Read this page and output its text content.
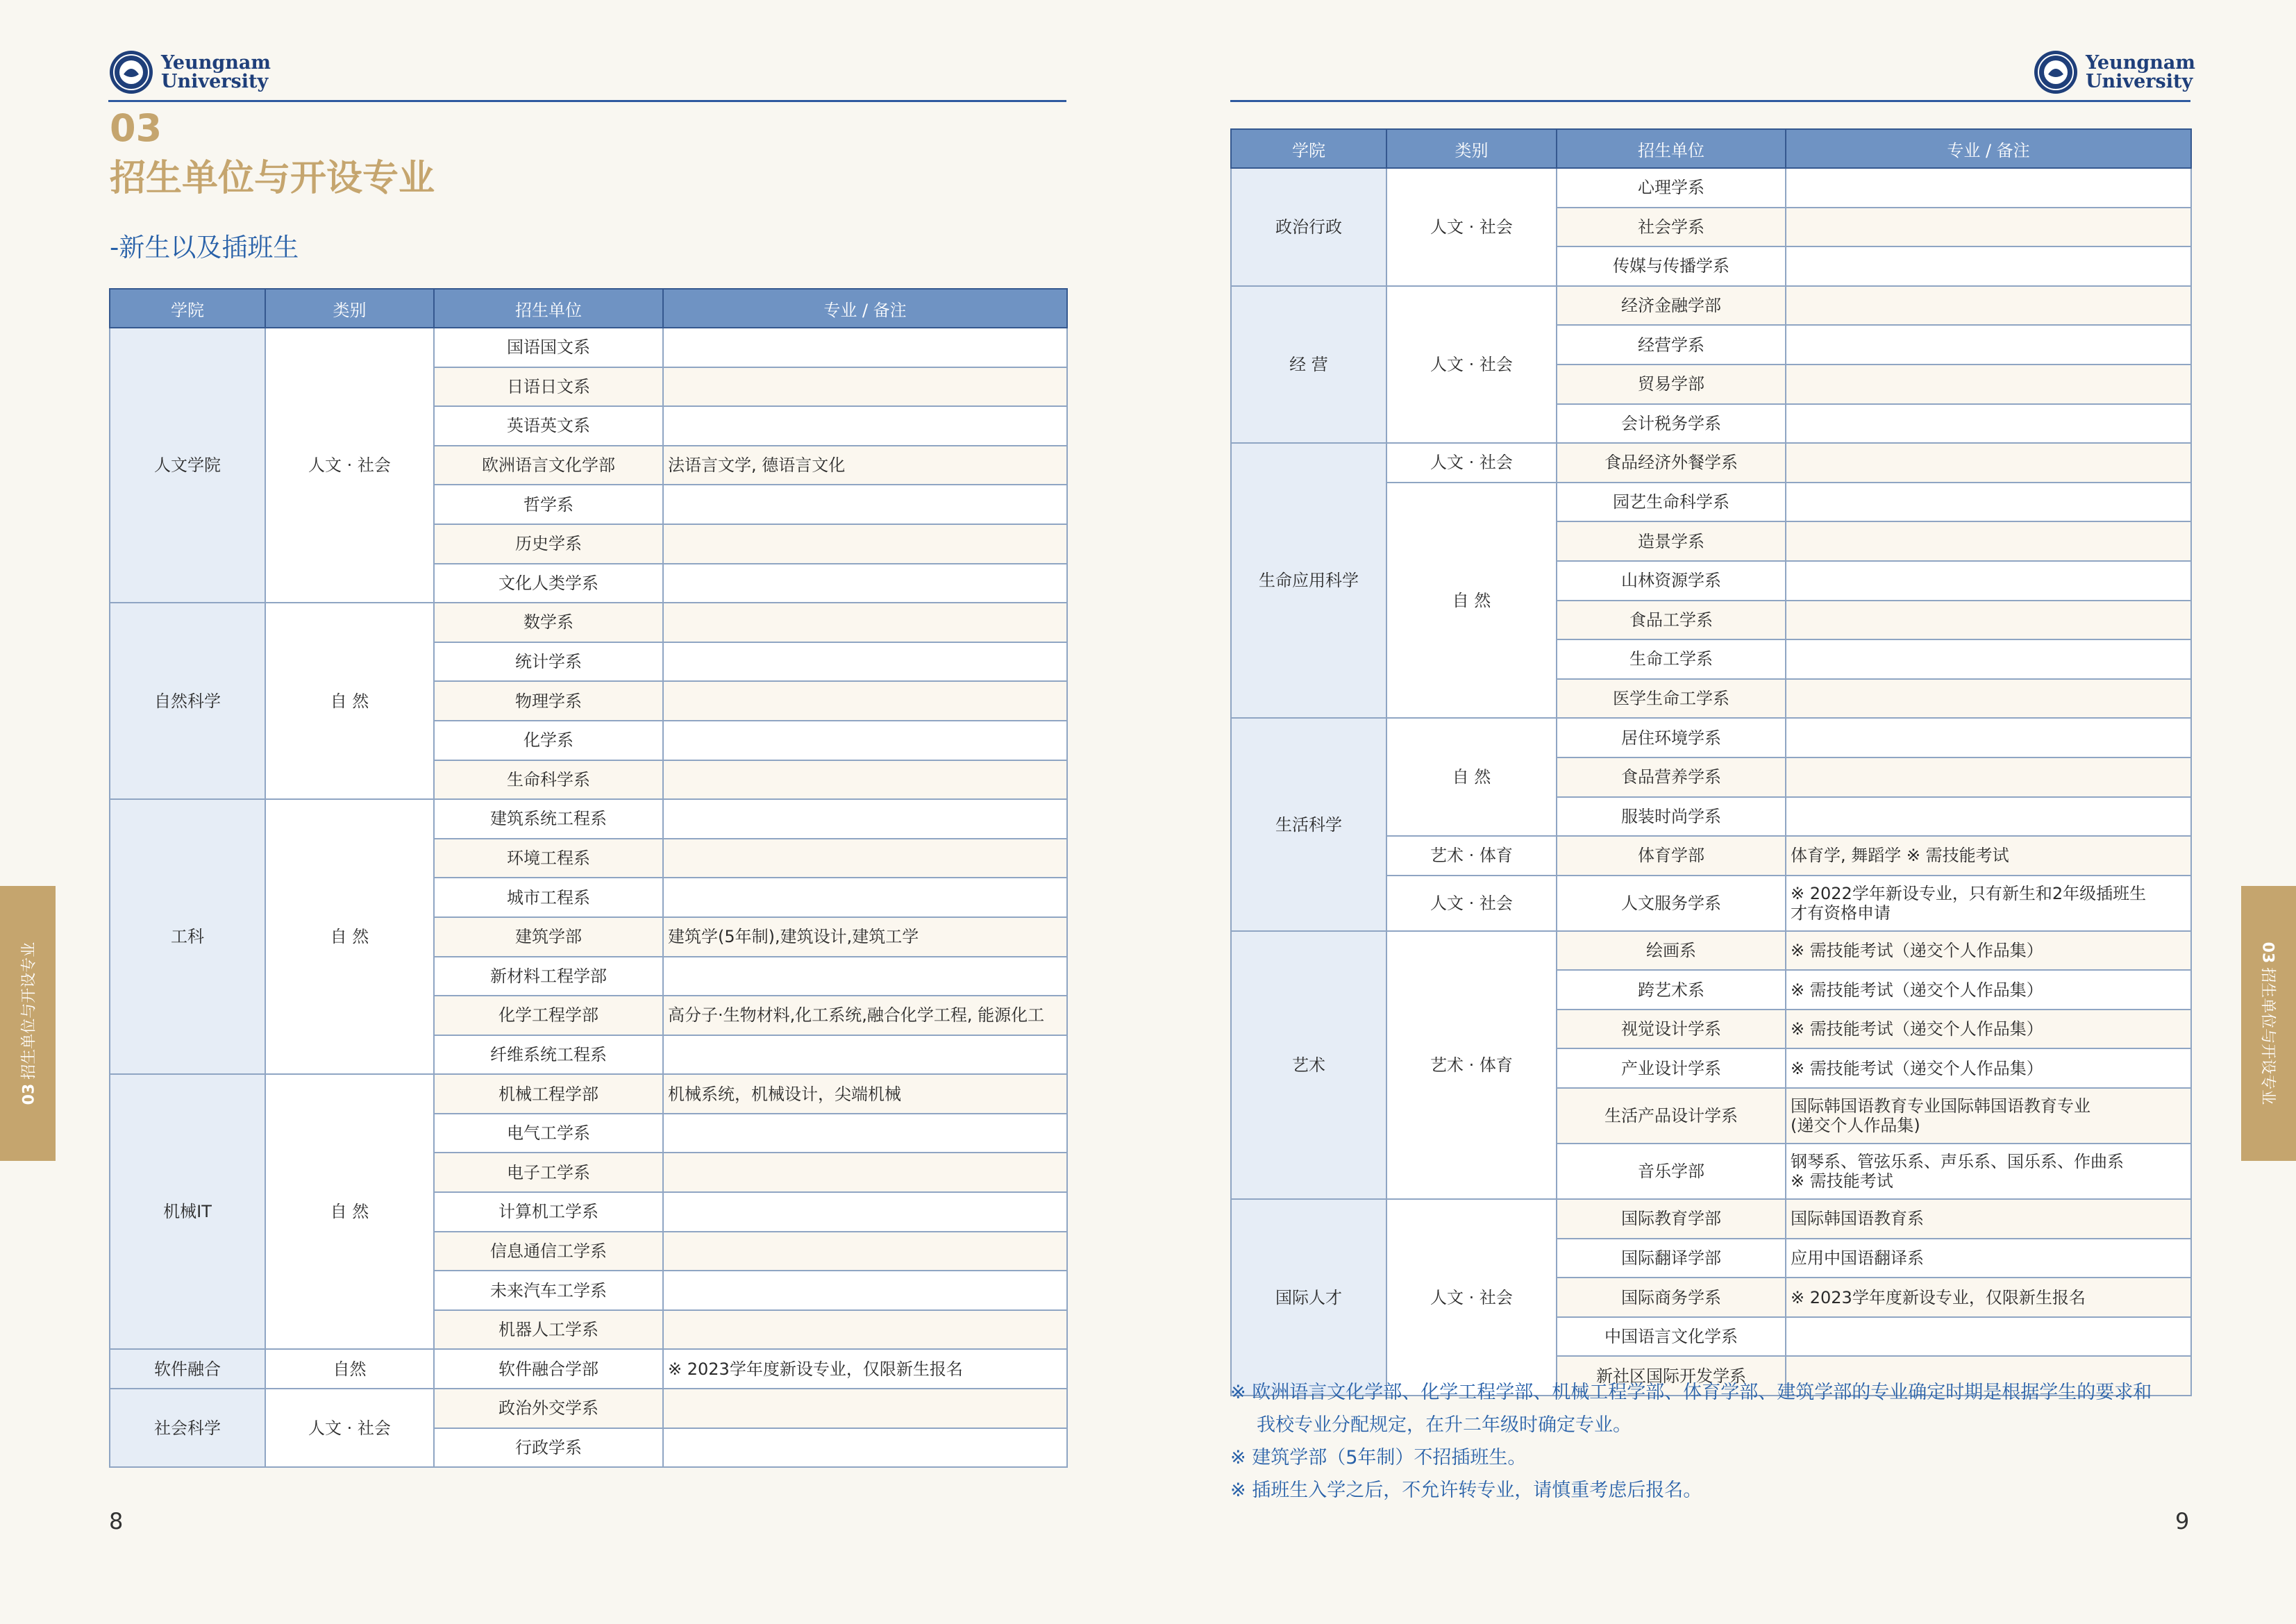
Yeungnam
University
03
招生单位与开设专业
-新生以及插班生
学院	类别	招生单位	专业 / 备注
人文学院	人文 · 社会	国语国文系	
		日语日文系	
		英语英文系	
		欧洲语言文化学部	法语言文学, 德语言文化
		哲学系	
		历史学系	
		文化人类学系	
自然科学	自 然	数学系	
		统计学系	
		物理学系	
		化学系	
		生命科学系	
工科	自 然	建筑系统工程系	
		环境工程系	
		城市工程系	
		建筑学部	建筑学(5年制),建筑设计,建筑工学
		新材料工程学部	
		化学工程学部	高分子·生物材料,化工系统,融合化学工程, 能源化工
		纤维系统工程系	
机械IT	自 然	机械工程学部	机械系统，机械设计，尖端机械
		电气工学系	
		电子工学系	
		计算机工学系	
		信息通信工学系	
		未来汽车工学系	
		机器人工学系	
软件融合	自然	软件融合学部	※ 2023学年度新设专业，仅限新生报名
社会科学	人文 · 社会	政治外交学系	
		行政学系	
Yeungnam
University
学院	类别	招生单位	专业 / 备注
政治行政	人文 · 社会	心理学系	
		社会学系	
		传媒与传播学系	
经 营	人文 · 社会	经济金融学部	
		经营学系	
		贸易学部	
		会计税务学系	
生命应用科学	人文 · 社会	食品经济外餐学系	
	自 然	园艺生命科学系	
		造景学系	
		山林资源学系	
		食品工学系	
		生命工学系	
		医学生命工学系	
生活科学	自 然	居住环境学系	
		食品营养学系	
		服装时尚学系	
	艺术 · 体育	体育学部	体育学, 舞蹈学 ※ 需技能考试
	人文 · 社会	人文服务学系	※ 2022学年新设专业，只有新生和2年级插班生
才有资格申请
艺术	艺术 · 体育	绘画系	※ 需技能考试（递交个人作品集）
		跨艺术系	※ 需技能考试（递交个人作品集）
		视觉设计学系	※ 需技能考试（递交个人作品集）
		产业设计学系	※ 需技能考试（递交个人作品集）
		生活产品设计学系	国际韩国语教育专业国际韩国语教育专业
(递交个人作品集)
		音乐学部	钢琴系、管弦乐系、声乐系、国乐系、作曲系
※ 需技能考试
国际人才	人文 · 社会	国际教育学部	国际韩国语教育系
		国际翻译学部	应用中国语翻译系
		国际商务学系	※ 2023学年度新设专业，仅限新生报名
		中国语言文化学系	
		新社区国际开发学系	

※ 欧洲语言文化学部、化学工程学部、机械工程学部、体育学部、建筑学部的专业确定时期是根据学生的要求和

我校专业分配规定，在升二年级时确定专业。

※ 建筑学部（5年制）不招插班生。

※ 插班生入学之后，不允许转专业，请慎重考虑后报名。

8	9
03招生单位与开设专业	03招生单位与开设专业
